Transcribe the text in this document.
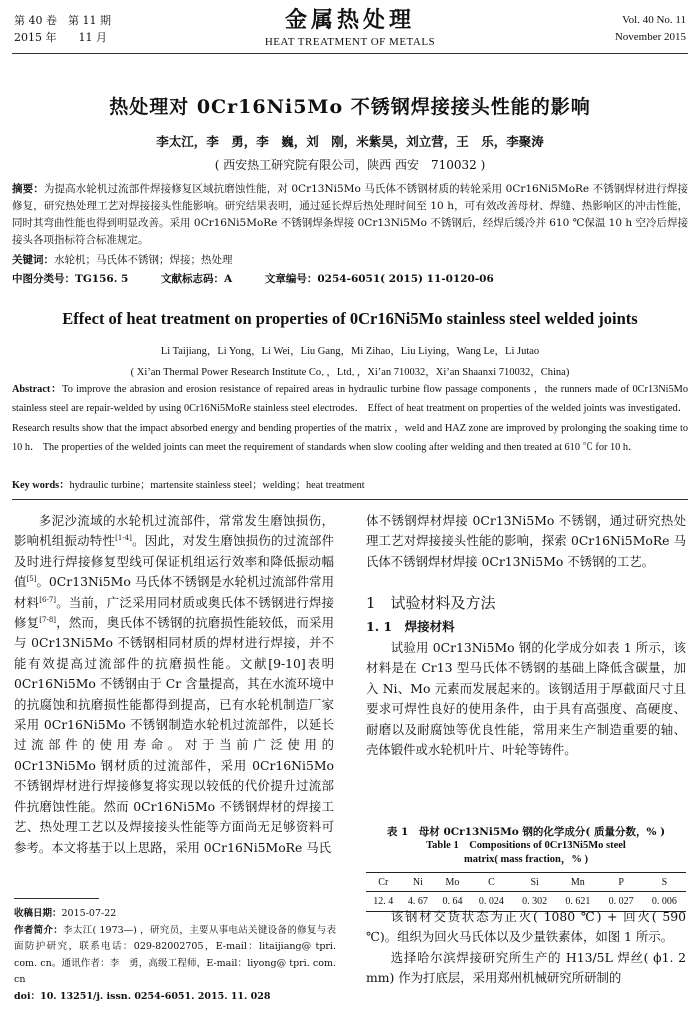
第 40 卷　第 11 期
2015 年　　11 月
金属热处理
HEAT TREATMENT OF METALS
Vol. 40 No. 11
November 2015
热处理对 0Cr16Ni5Mo 不锈钢焊接接头性能的影响
李太江，李　勇，李　巍，刘　刚，米紫昊，刘立营，王　乐，李聚涛
( 西安热工研究院有限公司，陕西 西安　710032 )
摘要：为提高水轮机过流部件焊接修复区域抗磨蚀性能，对 0Cr13Ni5Mo 马氏体不锈钢材质的转轮采用 0Cr16Ni5MoRe 不锈钢焊材进行焊接修复，研究热处理工艺对焊接接头性能影响。研究结果表明，通过延长焊后热处理时间至 10 h，可有效改善母材、焊缝、热影响区的冲击性能，同时其弯曲性能也得到明显改善。采用 0Cr16Ni5MoRe 不锈钢焊条焊接 0Cr13Ni5Mo 不锈钢后，经焊后缓冷并 610 ℃保温 10 h 空冷后焊接接头各项指标符合标准规定。
关键词：水轮机；马氏体不锈钢；焊接；热处理
中图分类号：TG156. 5	文献标志码：A	文章编号：0254-6051( 2015) 11-0120-06
Effect of heat treatment on properties of 0Cr16Ni5Mo stainless steel welded joints
Li Taijiang，Li Yong，Li Wei，Liu Gang，Mi Zihao，Liu Liying，Wang Le，Li Jutao
( Xi’an Thermal Power Research Institute Co．，Ltd．，Xi’an 710032，Xi’an Shaanxi 710032，China)
Abstract：To improve the abrasion and erosion resistance of repaired areas in hydraulic turbine flow passage components ，the runners made of 0Cr13Ni5Mo stainless steel are repair-welded by using 0Cr16Ni5MoRe stainless steel electrodes． Effect of heat treatment on properties of the welded joints was investigated． Research results show that the impact absorbed energy and bending properties of the matrix ，weld and HAZ zone are improved by prolonging the soaking time to 10 h． The properties of the welded joints can meet the requirement of standards when slow cooling after welding and then treated at 610 ℃ for 10 h．
Key words：hydraulic turbine；martensite stainless steel；welding；heat treatment
多泥沙流域的水轮机过流部件，常常发生磨蚀损伤，影响机组振动特性[1-4]。因此，对发生磨蚀损伤的过流部件及时进行焊接修复型线可保证机组运行效率和降低振动幅值[5]。0Cr13Ni5Mo 马氏体不锈钢是水轮机过流部件常用材料[6-7]。当前，广泛采用同材质或奥氏体不锈钢进行焊接修复[7-8]，然而，奥氏体不锈钢的抗磨损性能较低，而采用与 0Cr13Ni5Mo 不锈钢相同材质的焊材进行焊接，并不能有效提高过流部件的抗磨损性能。文献[9-10]表明 0Cr16Ni5Mo 不锈钢由于 Cr 含量提高，其在水流环境中的抗腐蚀和抗磨损性能都得到提高，已有水轮机制造厂家采用 0Cr16Ni5Mo 不锈钢制造水轮机过流部件，以延长过流部件的使用寿命。对于当前广泛使用的 0Cr13Ni5Mo 钢材质的过流部件，采用 0Cr16Ni5Mo 不锈钢焊材进行焊接修复将实现以较低的代价提升过流部件抗磨蚀性能。然而 0Cr16Ni5Mo 不锈钢焊材的焊接工艺、热处理工艺以及焊接接头性能等方面尚无足够资料可参考。本文将基于以上思路，采用 0Cr16Ni5MoRe 马氏
体不锈钢焊材焊接 0Cr13Ni5Mo 不锈钢，通过研究热处理工艺对焊接接头性能的影响，探索 0Cr16Ni5MoRe 马氏体不锈钢焊材焊接 0Cr13Ni5Mo 不锈钢的工艺。
1　试验材料及方法
1. 1　焊接材料
试验用 0Cr13Ni5Mo 钢的化学成分如表 1 所示，该材料是在 Cr13 型马氏体不锈钢的基础上降低含碳量，加入 Ni、Mo 元素而发展起来的。该钢适用于厚截面尺寸且要求可焊性良好的使用条件，由于具有高强度、高硬度、耐磨以及耐腐蚀等优良性能，常用来生产制造重要的轴、壳体锻件或水轮机叶片、叶轮等铸件。
表 1　母材 0Cr13Ni5Mo 钢的化学成分( 质量分数，% )
Table 1　Compositions of 0Cr13Ni5Mo steel
matrix( mass fraction，% )
Cr	Ni	Mo	C	Si	Mn	P	S
12. 4	4. 67	0. 64	0. 024	0. 302	0. 621	0. 027	0. 006
该钢材交货状态为正火( 1080 ℃) + 回火( 590 ℃)。组织为回火马氏体以及少量铁素体，如图 1 所示。
选择哈尔滨焊接研究所生产的 H13/5L 焊丝( ϕ1. 2 mm) 作为打底层，采用郑州机械研究所研制的
收稿日期：2015-07-22
作者简介：李太江( 1973—) ，研究员，主要从事电站关键设备的修复与表面防护研究，联系电话：029-82002705，E-mail：litaijiang@ tpri. com. cn。通讯作者：李　勇，高级工程师，E-mail：liyong@ tpri. com. cn
doi：10. 13251/j. issn. 0254-6051. 2015. 11. 028
